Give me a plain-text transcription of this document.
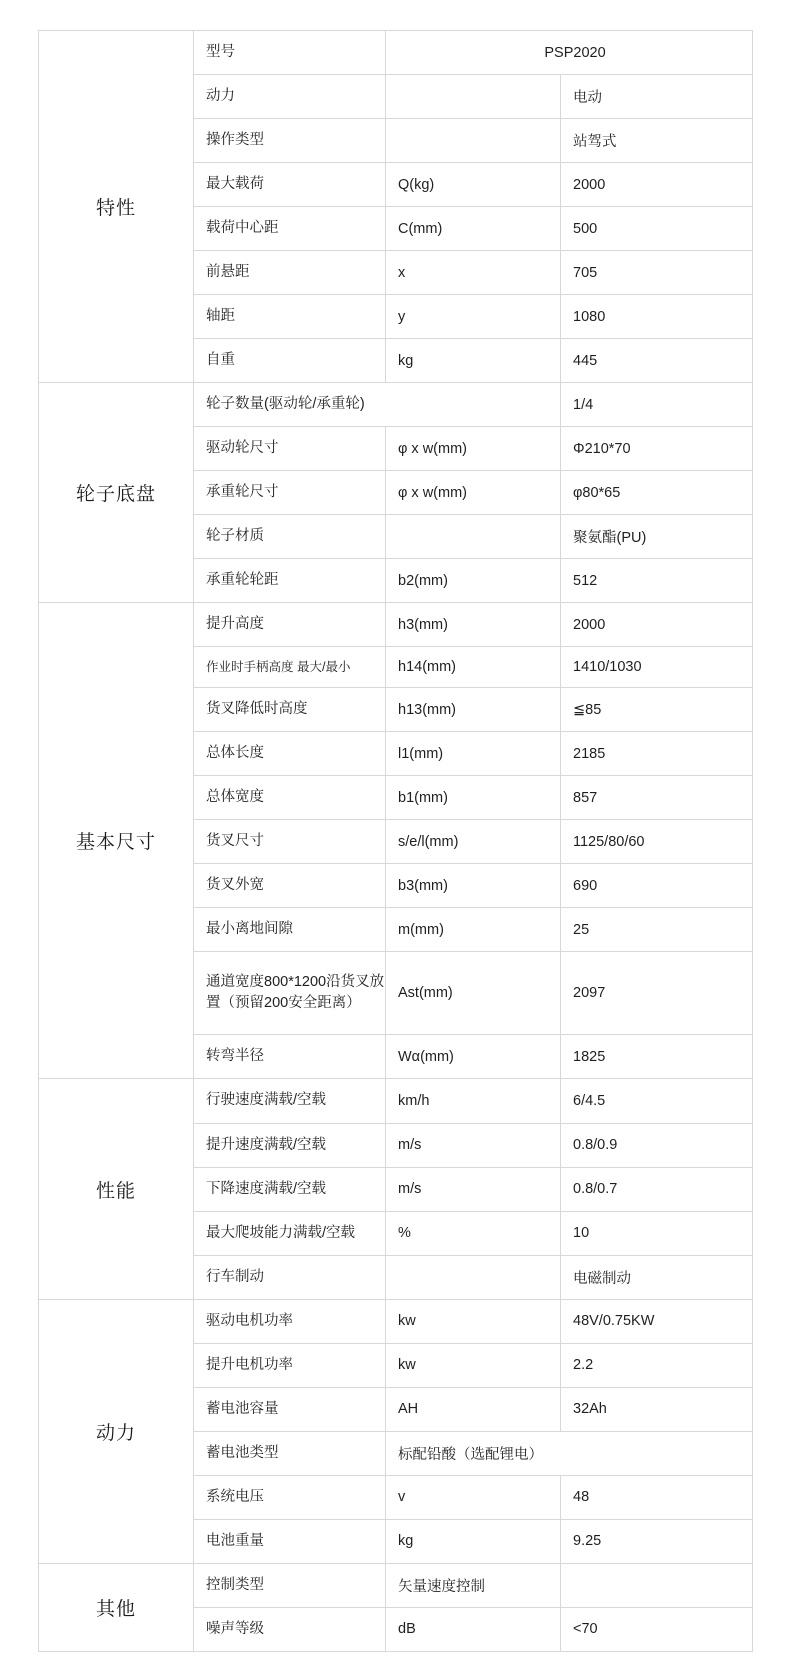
特性	型号	PSP2020	
	动力		电动
	操作类型		站驾式
	最大载荷	Q(kg)	2000
	载荷中心距	C(mm)	500
	前悬距	x	705
	轴距	y	1080
	自重	kg	445
轮子底盘	轮子数量(驱动轮/承重轮)		1/4
	驱动轮尺寸	φ x w(mm)	Φ210*70
	承重轮尺寸	φ x w(mm)	φ80*65
	轮子材质		聚氨酯(PU)
	承重轮轮距	b2(mm)	512
基本尺寸	提升高度	h3(mm)	2000
	作业时手柄高度 最大/最小	h14(mm)	1410/1030
	货叉降低时高度	h13(mm)	≦85
	总体长度	l1(mm)	2185
	总体宽度	b1(mm)	857
	货叉尺寸	s/e/l(mm)	1125/80/60
	货叉外宽	b3(mm)	690
	最小离地间隙	m(mm)	25
	通道宽度800*1200沿货叉放置（预留200安全距离）	Ast(mm)	2097
	转弯半径	Wα(mm)	1825
性能	行驶速度满载/空载	km/h	6/4.5
	提升速度满载/空载	m/s	0.8/0.9
	下降速度满载/空载	m/s	0.8/0.7
	最大爬坡能力满载/空载	%	10
	行车制动		电磁制动
动力	驱动电机功率	kw	48V/0.75KW
	提升电机功率	kw	2.2
	蓄电池容量	AH	32Ah
	蓄电池类型	标配铅酸（选配锂电）	
	系统电压	v	48
	电池重量	kg	9.25
其他	控制类型	矢量速度控制	
	噪声等级	dB	<70
